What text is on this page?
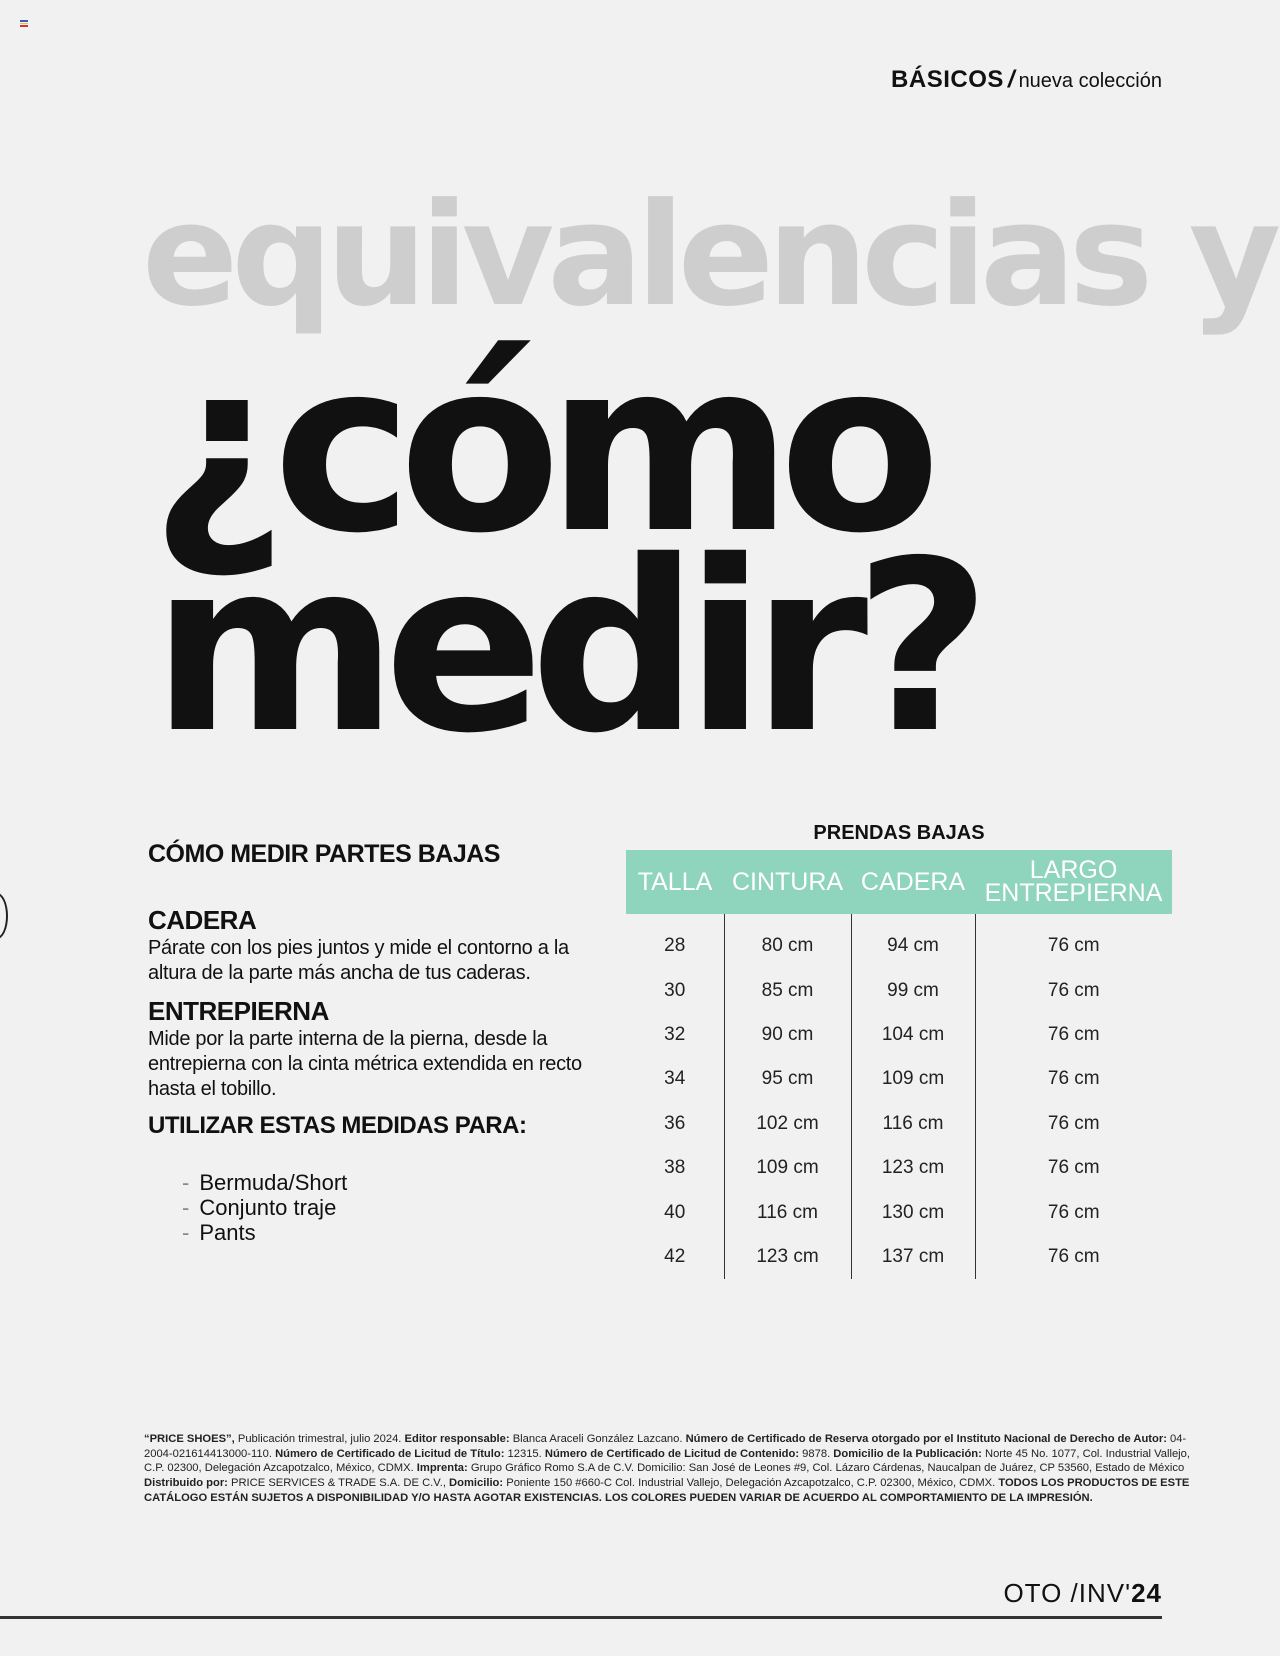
BÁSICOS / nueva colección
equivalencias y
¿cómo
medir?
CÓMO MEDIR PARTES BAJAS
CADERA

Párate con los pies juntos y mide el contorno a la altura de la parte más ancha de tus caderas.

ENTREPIERNA

Mide por la parte interna de la pierna, desde la entrepierna con la cinta métrica extendida en recto hasta el tobillo.

UTILIZAR ESTAS MEDIDAS PARA:
- Bermuda/Short
- Conjunto traje
- Pants
PRENDAS BAJAS
TALLA	CINTURA	CADERA	LARGO ENTREPIERNA
28	80 cm	94 cm	76 cm
30	85 cm	99 cm	76 cm
32	90 cm	104 cm	76 cm
34	95 cm	109 cm	76 cm
36	102 cm	116 cm	76 cm
38	109 cm	123 cm	76 cm
40	116 cm	130 cm	76 cm
42	123 cm	137 cm	76 cm
“PRICE SHOES”, Publicación trimestral, julio 2024. Editor responsable: Blanca Araceli González Lazcano. Número de Certificado de Reserva otorgado por el Instituto Nacional de Derecho de Autor: 04-2004-021614413000-110. Número de Certificado de Licitud de Título: 12315. Número de Certificado de Licitud de Contenido: 9878. Domicilio de la Publicación: Norte 45 No. 1077, Col. Industrial Vallejo, C.P. 02300, Delegación Azcapotzalco, México, CDMX. Imprenta: Grupo Gráfico Romo S.A de C.V. Domicilio: San José de Leones #9, Col. Lázaro Cárdenas, Naucalpan de Juárez, CP 53560, Estado de México Distribuido por: PRICE SERVICES & TRADE S.A. DE C.V., Domicilio: Poniente 150 #660-C Col. Industrial Vallejo, Delegación Azcapotzalco, C.P. 02300, México, CDMX. TODOS LOS PRODUCTOS DE ESTE CATÁLOGO ESTÁN SUJETOS A DISPONIBILIDAD Y/O HASTA AGOTAR EXISTENCIAS. LOS COLORES PUEDEN VARIAR DE ACUERDO AL COMPORTAMIENTO DE LA IMPRESIÓN.
OTO /INV'24
